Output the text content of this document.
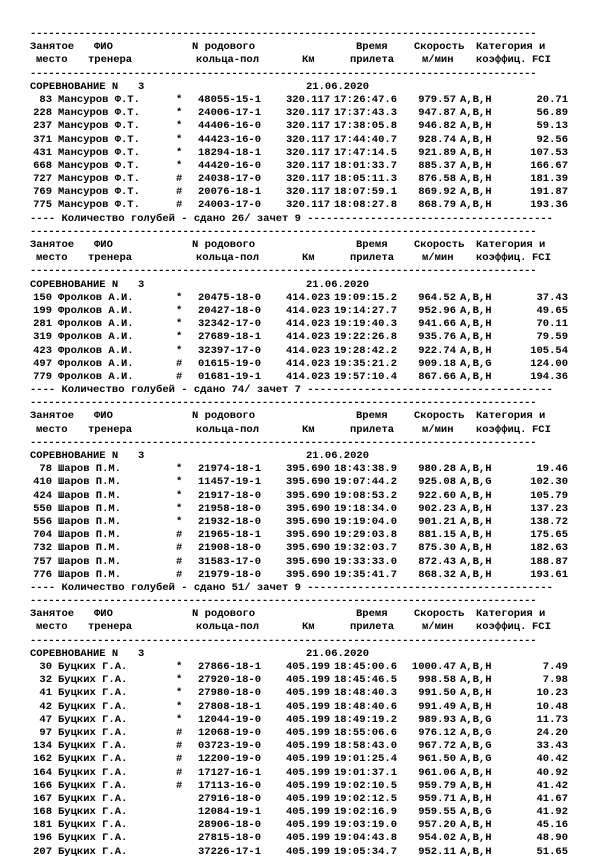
-----------------------------------------------------------------------------------
Занятое ФИО	N родового	Время	Скорость Категория и
место тренера	кольца-пол	Км	прилета	м/мин коэффиц. FCI
-----------------------------------------------------------------------------------
СОРЕВНОВАНИЕ N 3	21.06.2020
83 Мансуров Ф.Т.	* 48055-15-1 320.117 17:26:47.6	979.57 A,B,H	20.71
228 Мансуров Ф.Т.	* 24006-17-1 320.117 17:37:43.3	947.87 A,B,H	56.89
237 Мансуров Ф.Т.	* 44406-16-0 320.117 17:38:05.8	946.82 A,B,H	59.13
371 Мансуров Ф.Т.	* 44423-16-0 320.117 17:44:40.7	928.74 A,B,H	92.56
431 Мансуров Ф.Т.	* 18294-18-1 320.117 17:47:14.5	921.89 A,B,H	107.53
668 Мансуров Ф.Т.	* 44420-16-0 320.117 18:01:33.7	885.37 A,B,H	166.67
727 Мансуров Ф.Т.	# 24038-17-0 320.117 18:05:11.3	876.58 A,B,H	181.39
769 Мансуров Ф.Т.	# 20076-18-1 320.117 18:07:59.1	869.92 A,B,H	191.87
775 Мансуров Ф.Т.	# 24003-17-0 320.117 18:08:27.8	868.79 A,B,H	193.36
---- Количество голубей - сдано 26/ зачет 9 ---------------------------------------
-----------------------------------------------------------------------------------
Занятое ФИО	N родового	Время	Скорость Категория и
место тренера	кольца-пол	Км	прилета	м/мин коэффиц. FCI
-----------------------------------------------------------------------------------
СОРЕВНОВАНИЕ N 3	21.06.2020
150 Фролков А.И.	* 20475-18-0 414.023 19:09:15.2	964.52 A,B,H	37.43
199 Фролков А.И.	* 20427-18-0 414.023 19:14:27.7	952.96 A,B,H	49.65
281 Фролков А.И.	* 32342-17-0 414.023 19:19:40.3	941.66 A,B,H	70.11
319 Фролков А.И.	* 27689-18-1 414.023 19:22:26.8	935.76 A,B,H	79.59
423 Фролков А.И.	* 32397-17-0 414.023 19:28:42.2	922.74 A,B,H	105.54
497 Фролков А.И.	# 01615-19-0 414.023 19:35:21.2	909.18 A,B,G	124.00
779 Фролков А.И.	# 01681-19-1 414.023 19:57:10.4	867.66 A,B,H	194.36
---- Количество голубей - сдано 74/ зачет 7 ---------------------------------------
-----------------------------------------------------------------------------------
Занятое ФИО	N родового	Время	Скорость Категория и
место тренера	кольца-пол	Км	прилета	м/мин коэффиц. FCI
-----------------------------------------------------------------------------------
СОРЕВНОВАНИЕ N 3	21.06.2020
78 Шаров П.М.	* 21974-18-1 395.690 18:43:38.9	980.28 A,B,H	19.46
410 Шаров П.М.	* 11457-19-1 395.690 19:07:44.2	925.08 A,B,G	102.30
424 Шаров П.М.	* 21917-18-0 395.690 19:08:53.2	922.60 A,B,H	105.79
550 Шаров П.М.	* 21958-18-0 395.690 19:18:34.0	902.23 A,B,H	137.23
556 Шаров П.М.	* 21932-18-0 395.690 19:19:04.0	901.21 A,B,H	138.72
704 Шаров П.М.	# 21965-18-1 395.690 19:29:03.8	881.15 A,B,H	175.65
732 Шаров П.М.	# 21908-18-0 395.690 19:32:03.7	875.30 A,B,H	182.63
757 Шаров П.М.	# 31583-17-0 395.690 19:33:33.0	872.43 A,B,H	188.87
776 Шаров П.М.	# 21979-18-0 395.690 19:35:41.7	868.32 A,B,H	193.61
---- Количество голубей - сдано 51/ зачет 9 ---------------------------------------
-----------------------------------------------------------------------------------
Занятое ФИО	N родового	Время	Скорость Категория и
место тренера	кольца-пол	Км	прилета	м/мин коэффиц. FCI
-----------------------------------------------------------------------------------
СОРЕВНОВАНИЕ N 3	21.06.2020
30 Буцких Г.А.	* 27866-18-1 405.199 18:45:00.6	1000.47 A,B,H	7.49
32 Буцких Г.А.	* 27920-18-0 405.199 18:45:46.5	998.58 A,B,H	7.98
41 Буцких Г.А.	* 27980-18-0 405.199 18:48:40.3	991.50 A,B,H	10.23
42 Буцких Г.А.	* 27808-18-1 405.199 18:48:40.6	991.49 A,B,H	10.48
47 Буцких Г.А.	* 12044-19-0 405.199 18:49:19.2	989.93 A,B,G	11.73
97 Буцких Г.А.	# 12068-19-0 405.199 18:55:06.6	976.12 A,B,G	24.20
134 Буцких Г.А.	# 03723-19-0 405.199 18:58:43.0	967.72 A,B,G	33.43
162 Буцких Г.А.	# 12200-19-0 405.199 19:01:25.4	961.50 A,B,G	40.42
164 Буцких Г.А.	# 17127-16-1 405.199 19:01:37.1	961.06 A,B,H	40.92
166 Буцких Г.А.	# 17113-16-0 405.199 19:02:10.5	959.79 A,B,H	41.42
167 Буцких Г.А.	27916-18-0 405.199 19:02:12.5	959.71 A,B,H	41.67
168 Буцких Г.А.	12084-19-1 405.199 19:02:16.9	959.55 A,B,G	41.92
181 Буцких Г.А.	28906-18-0 405.199 19:03:19.0	957.20 A,B,H	45.16
196 Буцких Г.А.	27815-18-0 405.199 19:04:43.8	954.02 A,B,H	48.90
207 Буцких Г.А.	37226-17-1 405.199 19:05:34.7	952.11 A,B,H	51.65
